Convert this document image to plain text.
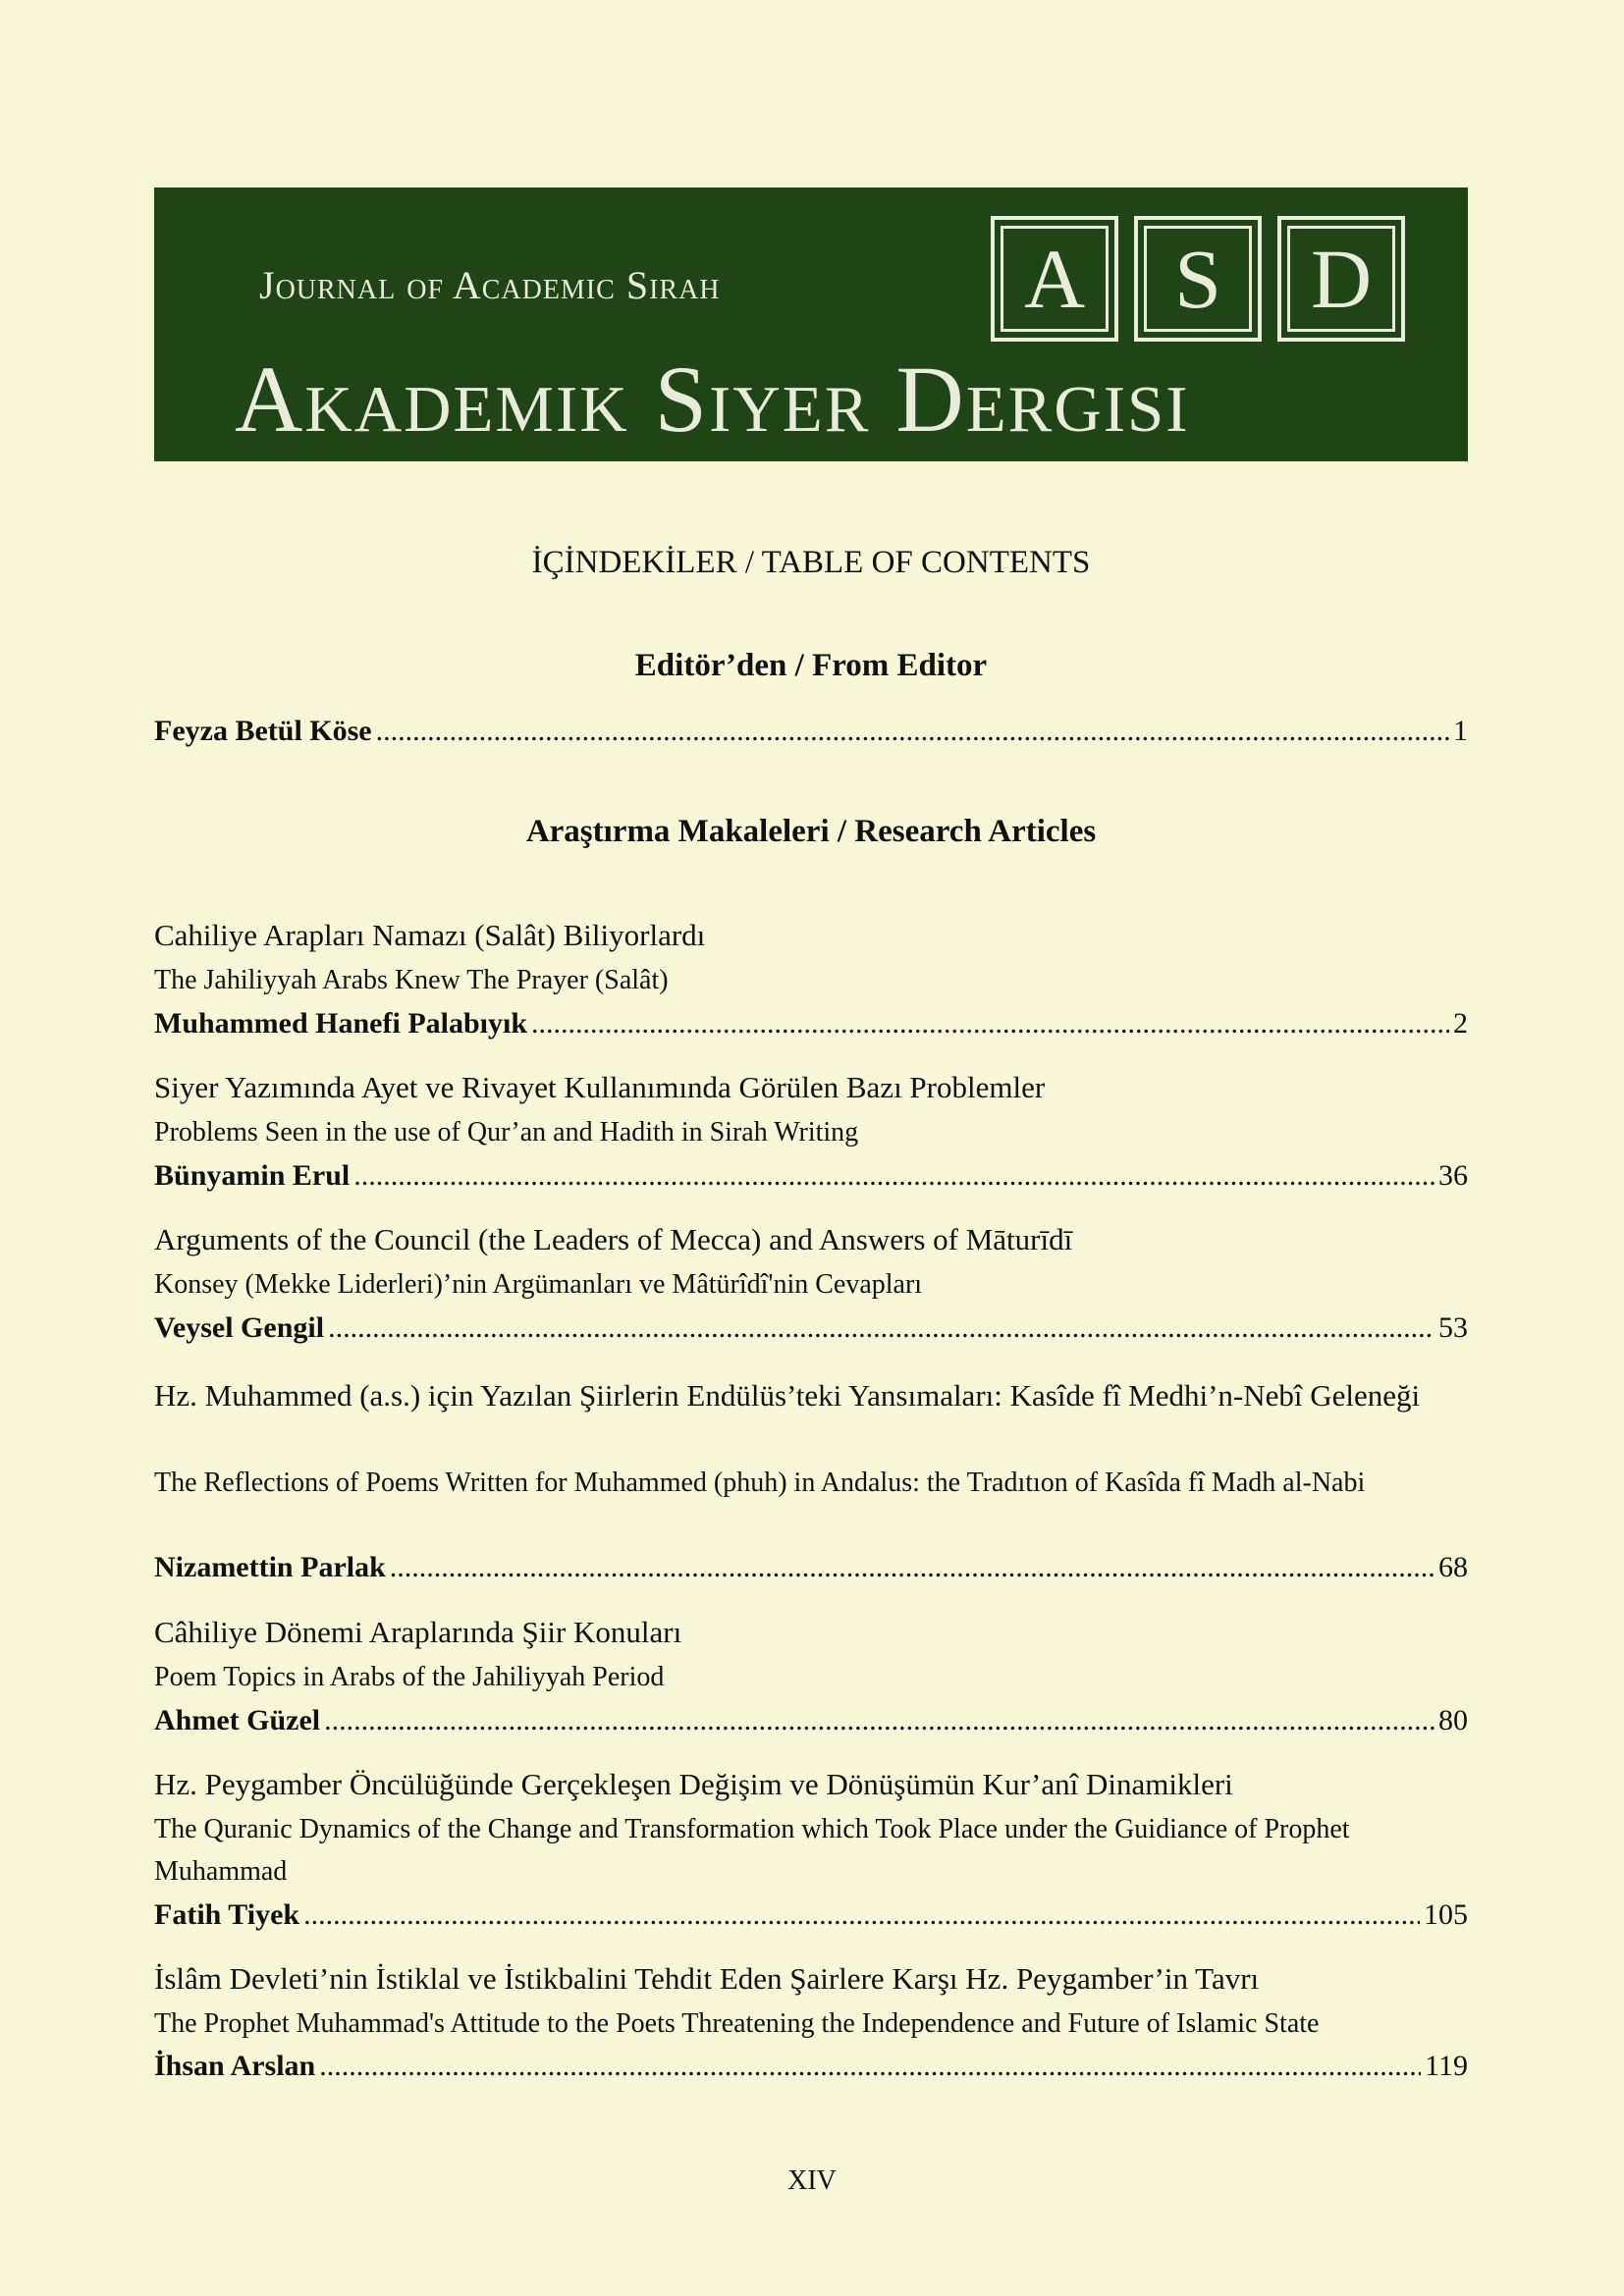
Journal of Academic Sirah
Akademik Siyer Dergisi
A	S	D
İÇİNDEKİLER / TABLE OF CONTENTS
Editör’den / From Editor
Feyza Betül Köse .....	1
Araştırma Makaleleri / Research Articles
Cahiliye Arapları Namazı (Salât) Biliyorlardı
The Jahiliyyah Arabs Knew The Prayer (Salât)
Muhammed Hanefi Palabıyık .....	2
Siyer Yazımında Ayet ve Rivayet Kullanımında Görülen Bazı Problemler
Problems Seen in the use of Qur’an and Hadith in Sirah Writing
Bünyamin Erul .....	36
Arguments of the Council (the Leaders of Mecca) and Answers of Māturīdī
Konsey (Mekke Liderleri)’nin Argümanları ve Mâtürîdî'nin Cevapları
Veysel Gengil .....	53
Hz. Muhammed (a.s.) için Yazılan Şiirlerin Endülüs’teki Yansımaları: Kasîde fî Medhi’n-Nebî Geleneği
The Reflections of Poems Written for Muhammed (phuh) in Andalus: the Tradıtıon of Kasîda fî Madh al-Nabi
Nizamettin Parlak .....	68
Câhiliye Dönemi Araplarında Şiir Konuları
Poem Topics in Arabs of the Jahiliyyah Period
Ahmet Güzel .....	80
Hz. Peygamber Öncülüğünde Gerçekleşen Değişim ve Dönüşümün Kur’anî Dinamikleri
The Quranic Dynamics of the Change and Transformation which Took Place under the Guidiance of Prophet Muhammad
Fatih Tiyek .....	105
İslâm Devleti’nin İstiklal ve İstikbalini Tehdit Eden Şairlere Karşı Hz. Peygamber’in Tavrı
The Prophet Muhammad's Attitude to the Poets Threatening the Independence and Future of Islamic State
İhsan Arslan .....	119
XIV
